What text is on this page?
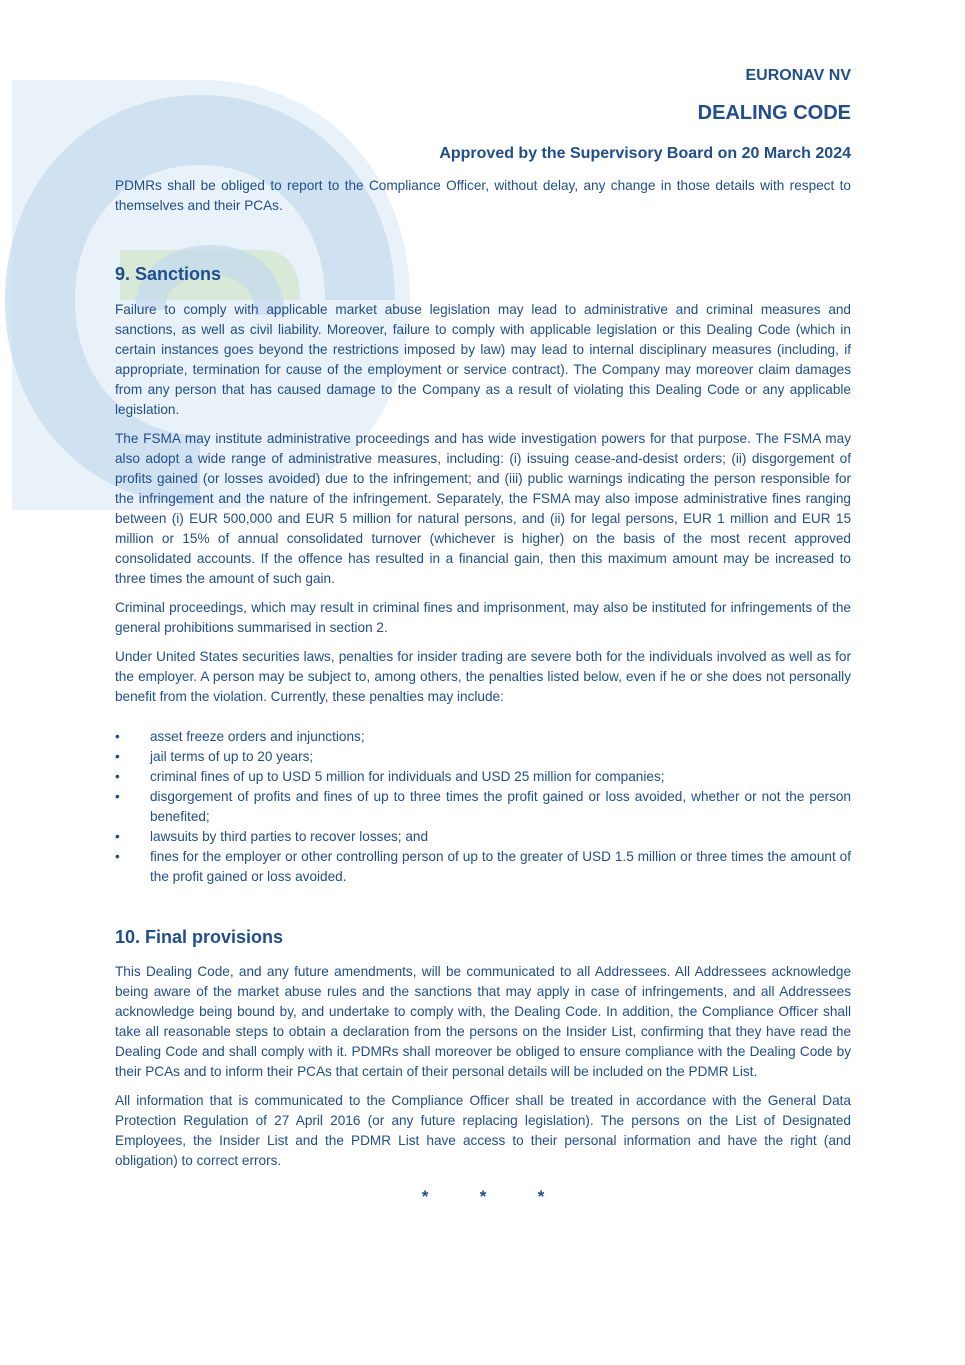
EURONAV NV
DEALING CODE
Approved by the Supervisory Board on 20 March 2024

PDMRs shall be obliged to report to the Compliance Officer, without delay, any change in those details with respect to themselves and their PCAs.

9. Sanctions

Failure to comply with applicable market abuse legislation may lead to administrative and criminal measures and sanctions, as well as civil liability. Moreover, failure to comply with applicable legislation or this Dealing Code (which in certain instances goes beyond the restrictions imposed by law) may lead to internal disciplinary measures (including, if appropriate, termination for cause of the employment or service contract). The Company may moreover claim damages from any person that has caused damage to the Company as a result of violating this Dealing Code or any applicable legislation.

The FSMA may institute administrative proceedings and has wide investigation powers for that purpose. The FSMA may also adopt a wide range of administrative measures, including: (i) issuing cease-and-desist orders; (ii) disgorgement of profits gained (or losses avoided) due to the infringement; and (iii) public warnings indicating the person responsible for the infringement and the nature of the infringement. Separately, the FSMA may also impose administrative fines ranging between (i) EUR 500,000 and EUR 5 million for natural persons, and (ii) for legal persons, EUR 1 million and EUR 15 million or 15% of annual consolidated turnover (whichever is higher) on the basis of the most recent approved consolidated accounts. If the offence has resulted in a financial gain, then this maximum amount may be increased to three times the amount of such gain.

Criminal proceedings, which may result in criminal fines and imprisonment, may also be instituted for infringements of the general prohibitions summarised in section 2.

Under United States securities laws, penalties for insider trading are severe both for the individuals involved as well as for the employer. A person may be subject to, among others, the penalties listed below, even if he or she does not personally benefit from the violation. Currently, these penalties may include:

• asset freeze orders and injunctions;
• jail terms of up to 20 years;
• criminal fines of up to USD 5 million for individuals and USD 25 million for companies;
• disgorgement of profits and fines of up to three times the profit gained or loss avoided, whether or not the person benefited;
• lawsuits by third parties to recover losses; and
• fines for the employer or other controlling person of up to the greater of USD 1.5 million or three times the amount of the profit gained or loss avoided.
10. Final provisions

This Dealing Code, and any future amendments, will be communicated to all Addressees. All Addressees acknowledge being aware of the market abuse rules and the sanctions that may apply in case of infringements, and all Addressees acknowledge being bound by, and undertake to comply with, the Dealing Code. In addition, the Compliance Officer shall take all reasonable steps to obtain a declaration from the persons on the Insider List, confirming that they have read the Dealing Code and shall comply with it. PDMRs shall moreover be obliged to ensure compliance with the Dealing Code by their PCAs and to inform their PCAs that certain of their personal details will be included on the PDMR List.

All information that is communicated to the Compliance Officer shall be treated in accordance with the General Data Protection Regulation of 27 April 2016 (or any future replacing legislation). The persons on the List of Designated Employees, the Insider List and the PDMR List have access to their personal information and have the right (and obligation) to correct errors.

*	*	*
